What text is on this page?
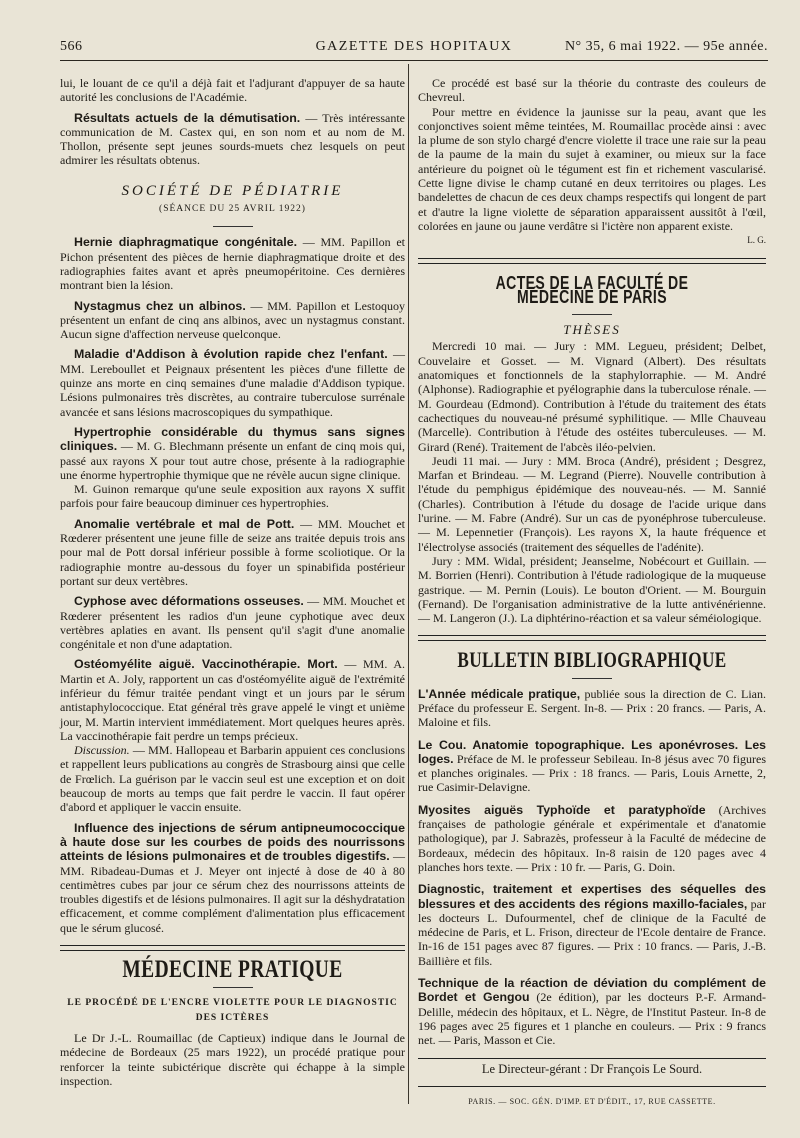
566	GAZETTE DES HOPITAUX	N° 35, 6 mai 1922. — 95e année.

lui, le louant de ce qu'il a déjà fait et l'adjurant d'appuyer de sa haute autorité les conclusions de l'Académie.

Résultats actuels de la démutisation. — Très intéressante communication de M. Castex qui, en son nom et au nom de M. Thollon, présente sept jeunes sourds-muets chez lesquels on peut admirer les résultats obtenus.

SOCIÉTÉ DE PÉDIATRIE
(SÉANCE DU 25 AVRIL 1922)

Hernie diaphragmatique congénitale. — MM. Papillon et Pichon présentent des pièces de hernie diaphragmatique droite et des radiographies faites avant et après pneumopéritoine. Ces dernières montrant bien la lésion.

Nystagmus chez un albinos. — MM. Papillon et Lestoquoy présentent un enfant de cinq ans albinos, avec un nystagmus constant. Aucun signe d'affection nerveuse quelconque.

Maladie d'Addison à évolution rapide chez l'enfant. — MM. Lereboullet et Peignaux présentent les pièces d'une fillette de quinze ans morte en cinq semaines d'une maladie d'Addison typique. Lésions pulmonaires très discrètes, au contraire tuberculose surrénale avancée et sans lésions macroscopiques du sympathique.

Hypertrophie considérable du thymus sans signes cliniques. — M. G. Blechmann présente un enfant de cinq mois qui, passé aux rayons X pour tout autre chose, présente à la radiographie une énorme hypertrophie thymique que ne révèle aucun signe clinique.

M. Guinon remarque qu'une seule exposition aux rayons X suffit parfois pour faire beaucoup diminuer ces hypertrophies.

Anomalie vertébrale et mal de Pott. — MM. Mouchet et Rœderer présentent une jeune fille de seize ans traitée depuis trois ans pour mal de Pott dorsal inférieur possible à forme scoliotique. Or la radiographie montre au-dessous du foyer un spinabifida postérieur portant sur deux vertèbres.

Cyphose avec déformations osseuses. — MM. Mouchet et Rœderer présentent les radios d'un jeune cyphotique avec deux vertèbres aplaties en avant. Ils pensent qu'il s'agit d'une anomalie congénitale et non d'une adaptation.

Ostéomyélite aiguë. Vaccinothérapie. Mort. — MM. A. Martin et A. Joly, rapportent un cas d'ostéomyélite aiguë de l'extrémité inférieur du fémur traitée pendant vingt et un jours par le sérum antistaphylococcique. Etat général très grave appelé le vingt et unième jour, M. Martin intervient immédiatement. Mort quelques heures après. La vaccinothérapie fait perdre un temps précieux.

Discussion. — MM. Hallopeau et Barbarin appuient ces conclusions et rappellent leurs publications au congrès de Strasbourg ainsi que celle de Frœlich. La guérison par le vaccin seul est une exception et on doit beaucoup de morts au temps que fait perdre le vaccin. Il faut opérer d'abord et appliquer le vaccin ensuite.

Influence des injections de sérum antipneumococcique à haute dose sur les courbes de poids des nourrissons atteints de lésions pulmonaires et de troubles digestifs. — MM. Ribadeau-Dumas et J. Meyer ont injecté à dose de 40 à 80 centimètres cubes par jour ce sérum chez des nourrissons atteints de troubles digestifs et de lésions pulmonaires. Il agit sur la déshydratation efficacement, et comme complément d'alimentation plus efficacement que le sérum glucosé.

MÉDECINE PRATIQUE
LE PROCÉDÉ DE L'ENCRE VIOLETTE POUR LE DIAGNOSTIC DES ICTÈRES

Le Dr J.-L. Roumaillac (de Captieux) indique dans le Journal de médecine de Bordeaux (25 mars 1922), un procédé pratique pour renforcer la teinte subictérique discrète qui échappe à la simple inspection.

Ce procédé est basé sur la théorie du contraste des couleurs de Chevreul.

Pour mettre en évidence la jaunisse sur la peau, avant que les conjonctives soient même teintées, M. Roumaillac procède ainsi : avec la plume de son stylo chargé d'encre violette il trace une raie sur la peau de la paume de la main du sujet à examiner, ou mieux sur la face antérieure du poignet où le tégument est fin et richement vascularisé. Cette ligne divise le champ cutané en deux territoires ou plages. Les bandelettes de chacun de ces deux champs respectifs qui longent de part et d'autre la ligne violette de séparation apparaissent aussitôt à l'œil, colorées en jaune ou jaune verdâtre si l'ictère non apparent existe.

L. G.
ACTES DE LA FACULTÉ DE MÉDECINE DE PARIS
THÈSES

Mercredi 10 mai. — Jury : MM. Legueu, président; Delbet, Couvelaire et Gosset. — M. Vignard (Albert). Des résultats anatomiques et fonctionnels de la staphylorraphie. — M. André (Alphonse). Radiographie et pyélographie dans la tuberculose rénale. — M. Gourdeau (Edmond). Contribution à l'étude du traitement des états cachectiques du nouveau-né présumé syphilitique. — Mlle Chauveau (Marcelle). Contribution à l'étude des ostéites tuberculeuses. — M. Girard (René). Traitement de l'abcès iléo-pelvien.

Jeudi 11 mai. — Jury : MM. Broca (André), président ; Desgrez, Marfan et Brindeau. — M. Legrand (Pierre). Nouvelle contribution à l'étude du pemphigus épidémique des nouveau-nés. — M. Sannié (Charles). Contribution à l'étude du dosage de l'acide urique dans l'urine. — M. Fabre (André). Sur un cas de pyonéphrose tuberculeuse. — M. Lepennetier (François). Les rayons X, la haute fréquence et l'électrolyse associés (traitement des séquelles de l'adénite).

Jury : MM. Widal, président; Jeanselme, Nobécourt et Guillain. — M. Borrien (Henri). Contribution à l'étude radiologique de la muqueuse gastrique. — M. Pernin (Louis). Le bouton d'Orient. — M. Bourguin (Fernand). De l'organisation administrative de la lutte antivénérienne. — M. Langeron (J.). La diphtérino-réaction et sa valeur séméiologique.

BULLETIN BIBLIOGRAPHIQUE
L'Année médicale pratique, publiée sous la direction de C. Lian. Préface du professeur E. Sergent. In-8. — Prix : 20 francs. — Paris, A. Maloine et fils.
Le Cou. Anatomie topographique. Les aponévroses. Les loges. Préface de M. le professeur Sebileau. In-8 jésus avec 70 figures et planches originales. — Prix : 18 francs. — Paris, Louis Arnette, 2, rue Casimir-Delavigne.
Myosites aiguës Typhoïde et paratyphoïde (Archives françaises de pathologie générale et expérimentale et d'anatomie pathologique), par J. Sabrazès, professeur à la Faculté de médecine de Bordeaux, médecin des hôpitaux. In-8 raisin de 120 pages avec 4 planches hors texte. — Prix : 10 fr. — Paris, G. Doin.
Diagnostic, traitement et expertises des séquelles des blessures et des accidents des régions maxillo-faciales, par les docteurs L. Dufourmentel, chef de clinique de la Faculté de médecine de Paris, et L. Frison, directeur de l'Ecole dentaire de France. In-16 de 151 pages avec 87 figures. — Prix : 10 francs. — Paris, J.-B. Baillière et fils.
Technique de la réaction de déviation du complément de Bordet et Gengou (2e édition), par les docteurs P.-F. Armand-Delille, médecin des hôpitaux, et L. Nègre, de l'Institut Pasteur. In-8 de 196 pages avec 25 figures et 1 planche en couleurs. — Prix : 9 francs net. — Paris, Masson et Cie.
Le Directeur-gérant : Dr François Le Sourd.
PARIS. — SOC. GÉN. D'IMP. ET D'ÉDIT., 17, RUE CASSETTE.
